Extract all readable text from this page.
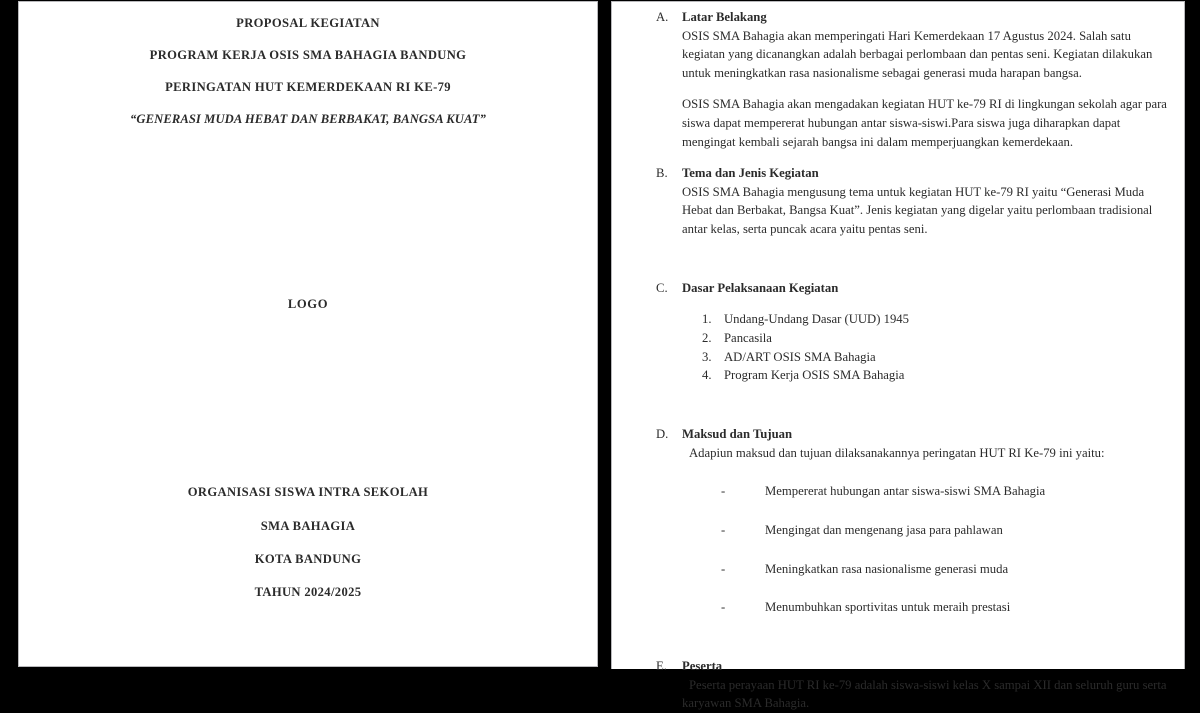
PROPOSAL KEGIATAN

PROGRAM KERJA OSIS SMA BAHAGIA BANDUNG

PERINGATAN HUT KEMERDEKAAN RI KE-79

“GENERASI MUDA HEBAT DAN BERBAKAT, BANGSA KUAT”

LOGO

ORGANISASI SISWA INTRA SEKOLAH

SMA BAHAGIA

KOTA BANDUNG

TAHUN 2024/2025

A. Latar Belakang

OSIS SMA Bahagia akan memperingati Hari Kemerdekaan 17 Agustus 2024. Salah satu kegiatan yang dicanangkan adalah berbagai perlombaan dan pentas seni. Kegiatan dilakukan untuk meningkatkan rasa nasionalisme sebagai generasi muda harapan bangsa.

OSIS SMA Bahagia akan mengadakan kegiatan HUT ke-79 RI di lingkungan sekolah agar para siswa dapat mempererat hubungan antar siswa-siswi.Para siswa juga diharapkan dapat mengingat kembali sejarah bangsa ini dalam memperjuangkan kemerdekaan.

B. Tema dan Jenis Kegiatan

OSIS SMA Bahagia mengusung tema untuk kegiatan HUT ke-79 RI yaitu “Generasi Muda Hebat dan Berbakat, Bangsa Kuat”. Jenis kegiatan yang digelar yaitu perlombaan tradisional antar kelas, serta puncak acara yaitu pentas seni.

C. Dasar Pelaksanaan Kegiatan

1. Undang-Undang Dasar (UUD) 1945
2. Pancasila
3. AD/ART OSIS SMA Bahagia
4. Program Kerja OSIS SMA Bahagia
D. Maksud dan Tujuan

Adapiun maksud dan tujuan dilaksanakannya peringatan HUT RI Ke-79 ini yaitu:

-	Mempererat hubungan antar siswa-siswi SMA Bahagia
-	Mengingat dan mengenang jasa para pahlawan
-	Meningkatkan rasa nasionalisme generasi muda
-	Menumbuhkan sportivitas untuk meraih prestasi
E. Peserta

Peserta perayaan HUT RI ke-79 adalah siswa-siswi kelas X sampai XII dan seluruh guru serta karyawan SMA Bahagia.
